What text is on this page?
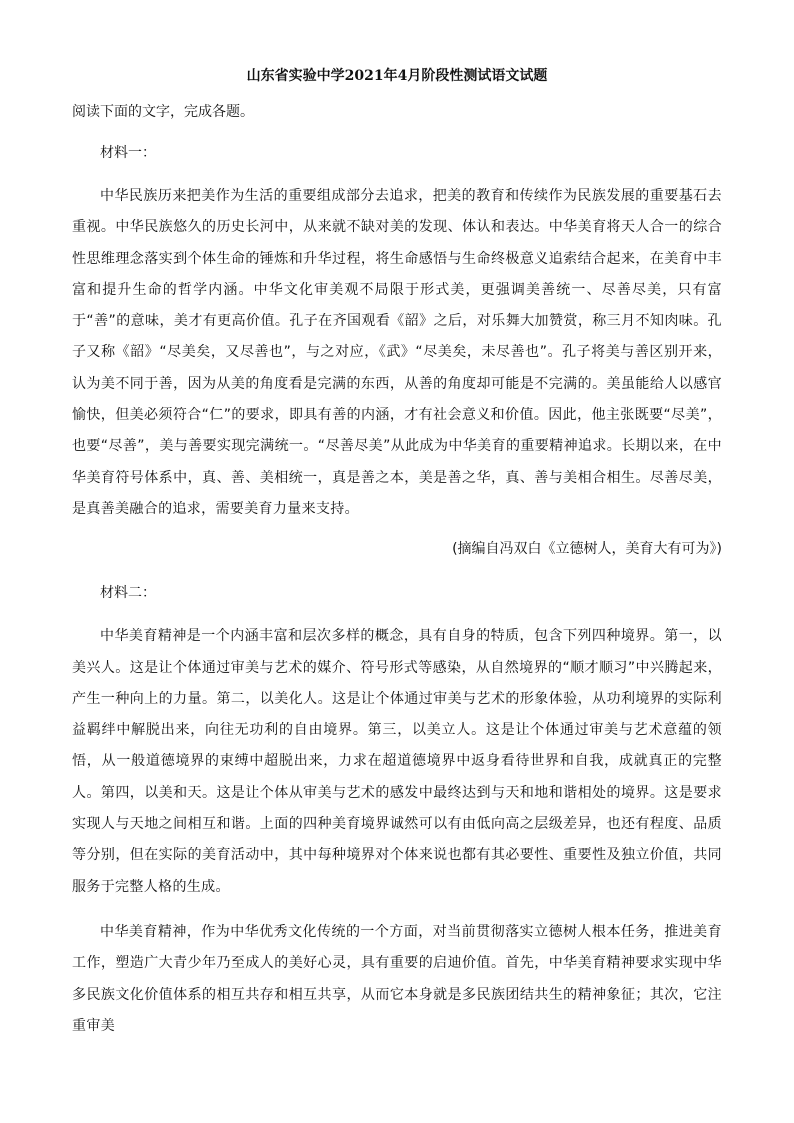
山东省实验中学2021年4月阶段性测试语文试题

阅读下面的文字，完成各题。

材料一：

中华民族历来把美作为生活的重要组成部分去追求，把美的教育和传续作为民族发展的重要基石去重视。中华民族悠久的历史长河中，从来就不缺对美的发现、体认和表达。中华美育将天人合一的综合性思维理念落实到个体生命的锤炼和升华过程，将生命感悟与生命终极意义追索结合起来，在美育中丰富和提升生命的哲学内涵。中华文化审美观不局限于形式美，更强调美善统一、尽善尽美，只有富于“善”的意味，美才有更高价值。孔子在齐国观看《韶》之后，对乐舞大加赞赏，称三月不知肉味。孔子又称《韶》“尽美矣，又尽善也”，与之对应，《武》“尽美矣，未尽善也”。孔子将美与善区别开来，认为美不同于善，因为从美的角度看是完满的东西，从善的角度却可能是不完满的。美虽能给人以感官愉快，但美必须符合“仁”的要求，即具有善的内涵，才有社会意义和价值。因此，他主张既要“尽美”，也要“尽善”，美与善要实现完满统一。“尽善尽美”从此成为中华美育的重要精神追求。长期以来，在中华美育符号体系中，真、善、美相统一，真是善之本，美是善之华，真、善与美相合相生。尽善尽美，是真善美融合的追求，需要美育力量来支持。

(摘编自冯双白《立德树人，美育大有可为》)

材料二：

中华美育精神是一个内涵丰富和层次多样的概念，具有自身的特质，包含下列四种境界。第一，以美兴人。这是让个体通过审美与艺术的媒介、符号形式等感染，从自然境界的“顺才顺习”中兴腾起来，产生一种向上的力量。第二，以美化人。这是让个体通过审美与艺术的形象体验，从功利境界的实际利益羁绊中解脱出来，向往无功利的自由境界。第三，以美立人。这是让个体通过审美与艺术意蕴的领悟，从一般道德境界的束缚中超脱出来，力求在超道德境界中返身看待世界和自我，成就真正的完整人。第四，以美和天。这是让个体从审美与艺术的感发中最终达到与天和地和谐相处的境界。这是要求实现人与天地之间相互和谐。上面的四种美育境界诚然可以有由低向高之层级差异，也还有程度、品质等分别，但在实际的美育活动中，其中每种境界对个体来说也都有其必要性、重要性及独立价值，共同服务于完整人格的生成。

中华美育精神，作为中华优秀文化传统的一个方面，对当前贯彻落实立德树人根本任务，推进美育工作，塑造广大青少年乃至成人的美好心灵，具有重要的启迪价值。首先，中华美育精神要求实现中华多民族文化价值体系的相互共存和相互共享，从而它本身就是多民族团结共生的精神象征；其次，它注重审美
